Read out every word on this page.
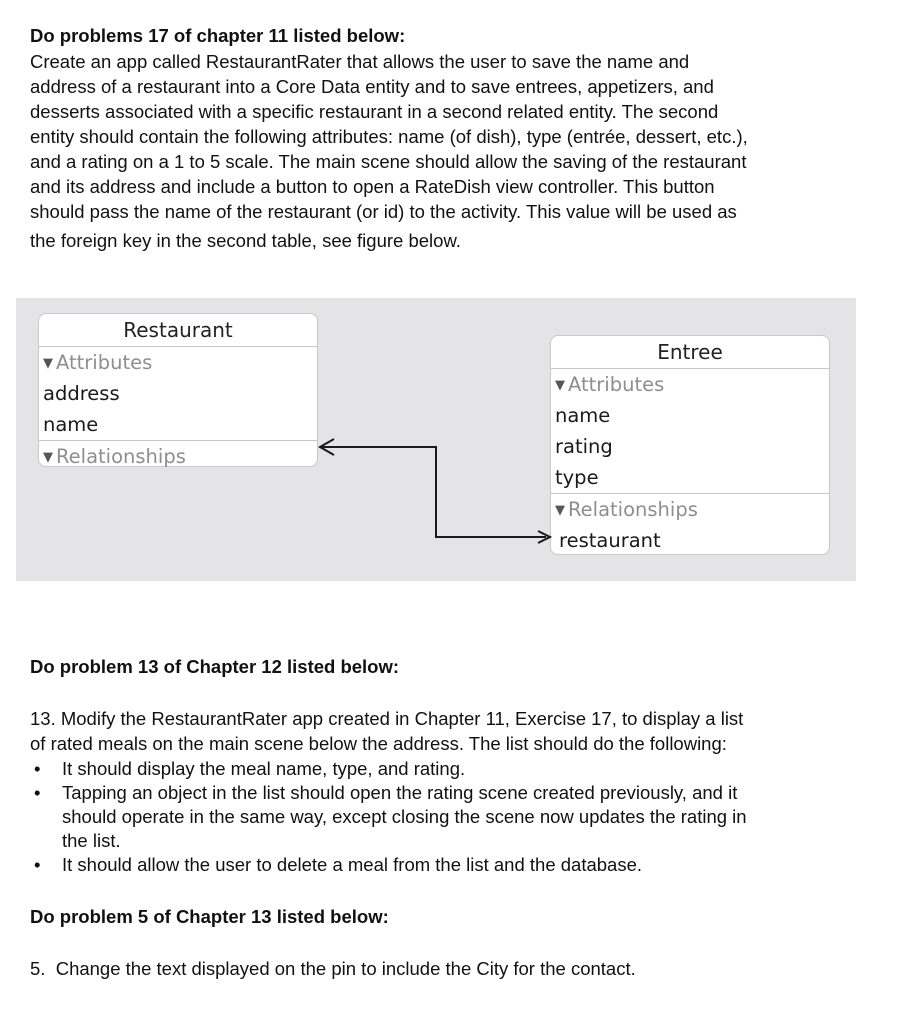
Do problems 17 of chapter 11 listed below:
Create an app called RestaurantRater that allows the user to save the name and
address of a restaurant into a Core Data entity and to save entrees, appetizers, and
desserts associated with a specific restaurant in a second related entity. The second
entity should contain the following attributes: name (of dish), type (entrée, dessert, etc.),
and a rating on a 1 to 5 scale. The main scene should allow the saving of the restaurant
and its address and include a button to open a RateDish view controller. This button
should pass the name of the restaurant (or id) to the activity. This value will be used as
the foreign key in the second table, see figure below.
Restaurant
▼ Attributes
address
name
▼ Relationships
Entree
▼ Attributes
name
rating
type
▼ Relationships
restaurant
Do problem 13 of Chapter 12 listed below:
13. Modify the RestaurantRater app created in Chapter 11, Exercise 17, to display a list
of rated meals on the main scene below the address. The list should do the following:
• It should display the meal name, type, and rating.
• Tapping an object in the list should open the rating scene created previously, and it
should operate in the same way, except closing the scene now updates the rating in
the list.
• It should allow the user to delete a meal from the list and the database.
Do problem 5 of Chapter 13 listed below:
5.  Change the text displayed on the pin to include the City for the contact.
